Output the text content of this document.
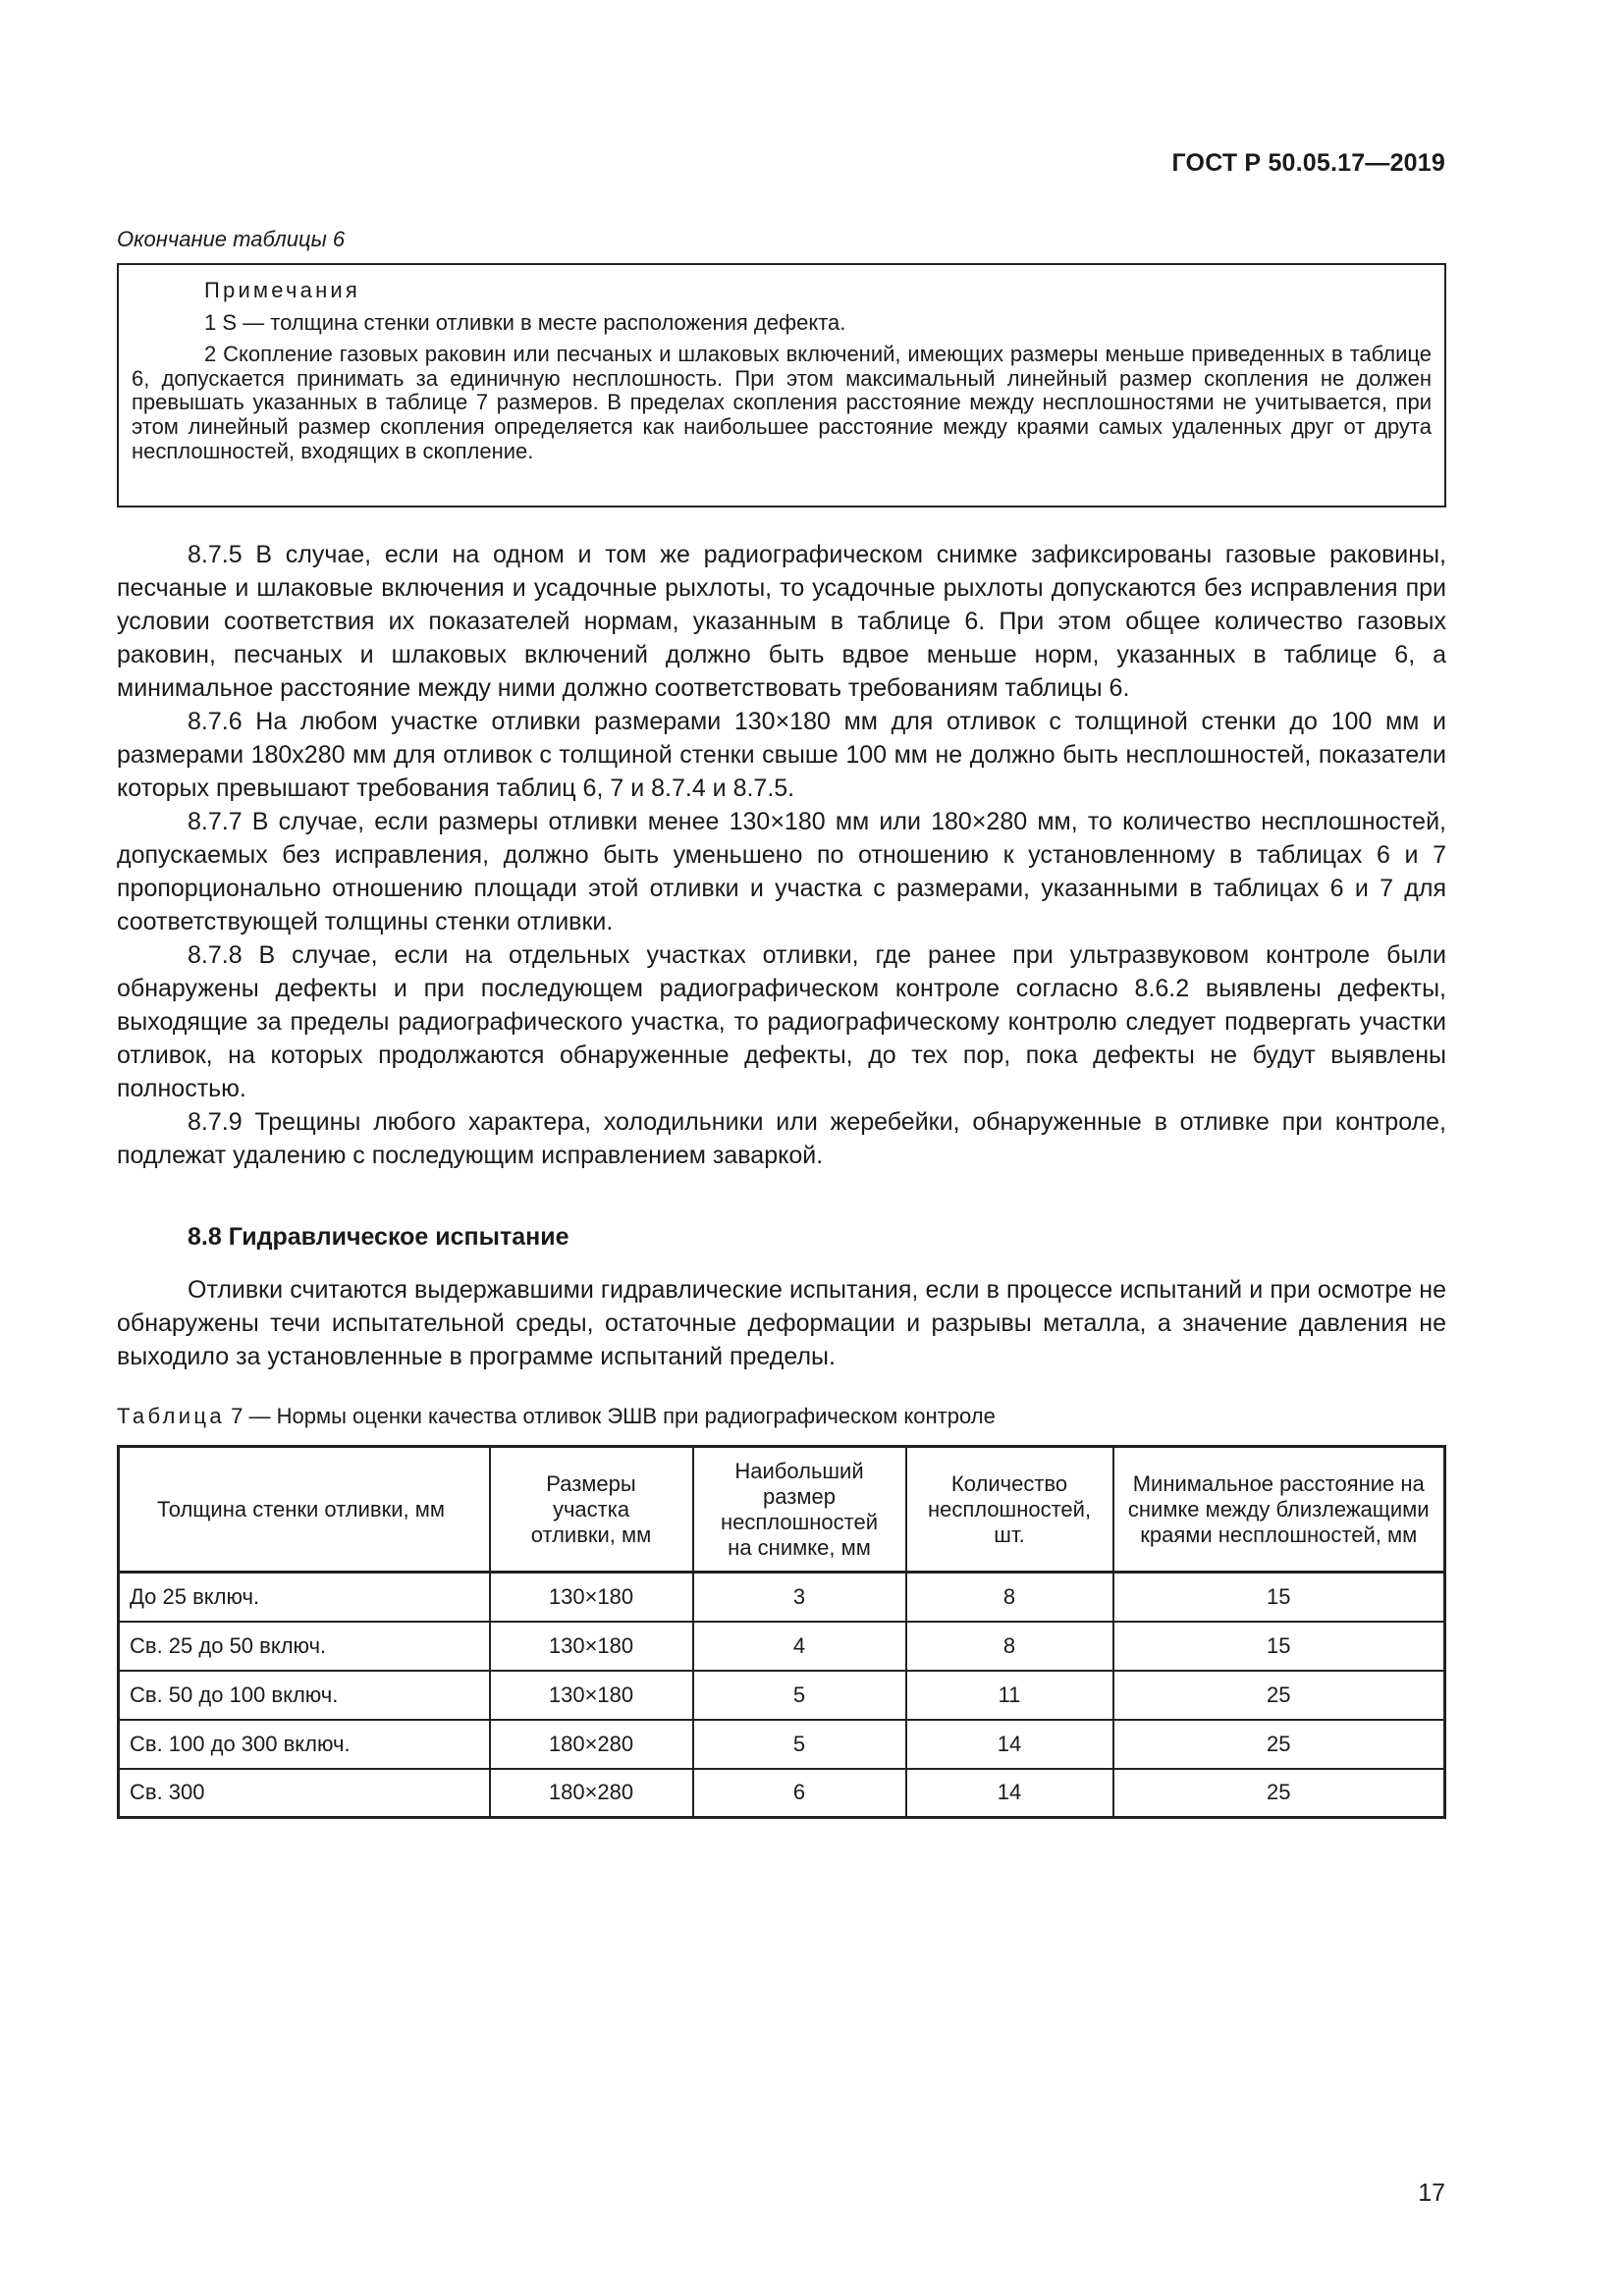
ГОСТ Р 50.05.17—2019
Окончание таблицы 6
Примечания
1 S — толщина стенки отливки в месте расположения дефекта.
2 Скопление газовых раковин или песчаных и шлаковых включений, имеющих размеры меньше приведенных в таблице 6, допускается принимать за единичную несплошность. При этом максимальный линейный размер скопления не должен превышать указанных в таблице 7 размеров. В пределах скопления расстояние между несплошностями не учитывается, при этом линейный размер скопления определяется как наибольшее расстояние между краями самых удаленных друг от друта несплошностей, входящих в скопление.

8.7.5 В случае, если на одном и том же радиографическом снимке зафиксированы газовые раковины, песчаные и шлаковые включения и усадочные рыхлоты, то усадочные рыхлоты допускаются без исправления при условии соответствия их показателей нормам, указанным в таблице 6. При этом общее количество газовых раковин, песчаных и шлаковых включений должно быть вдвое меньше норм, указанных в таблице 6, а минимальное расстояние между ними должно соответствовать требованиям таблицы 6.

8.7.6 На любом участке отливки размерами 130×180 мм для отливок с толщиной стенки до 100 мм и размерами 180х280 мм для отливок с толщиной стенки свыше 100 мм не должно быть несплошностей, показатели которых превышают требования таблиц 6, 7 и 8.7.4 и 8.7.5.

8.7.7 В случае, если размеры отливки менее 130×180 мм или 180×280 мм, то количество несплошностей, допускаемых без исправления, должно быть уменьшено по отношению к установленному в таблицах 6 и 7 пропорционально отношению площади этой отливки и участка с размерами, указанными в таблицах 6 и 7 для соответствующей толщины стенки отливки.

8.7.8 В случае, если на отдельных участках отливки, где ранее при ультразвуковом контроле были обнаружены дефекты и при последующем радиографическом контроле согласно 8.6.2 выявлены дефекты, выходящие за пределы радиографического участка, то радиографическому контролю следует подвергать участки отливок, на которых продолжаются обнаруженные дефекты, до тех пор, пока дефекты не будут выявлены полностью.

8.7.9 Трещины любого характера, холодильники или жеребейки, обнаруженные в отливке при контроле, подлежат удалению с последующим исправлением заваркой.

8.8 Гидравлическое испытание

Отливки считаются выдержавшими гидравлические испытания, если в процессе испытаний и при осмотре не обнаружены течи испытательной среды, остаточные деформации и разрывы металла, а значение давления не выходило за установленные в программе испытаний пределы.

Таблица 7 — Нормы оценки качества отливок ЭШВ при радиографическом контроле
Толщина стенки отливки, мм	Размеры участка отливки, мм	Наибольший размер несплошностей на снимке, мм	Количество несплошностей, шт.	Минимальное расстояние на снимке между близлежащими краями несплошностей, мм

До 25 включ.	130×180	3	8	15
Св. 25 до 50 включ.	130×180	4	8	15
Св. 50 до 100 включ.	130×180	5	11	25
Св. 100 до 300 включ.	180×280	5	14	25
Св. 300	180×280	6	14	25
17
